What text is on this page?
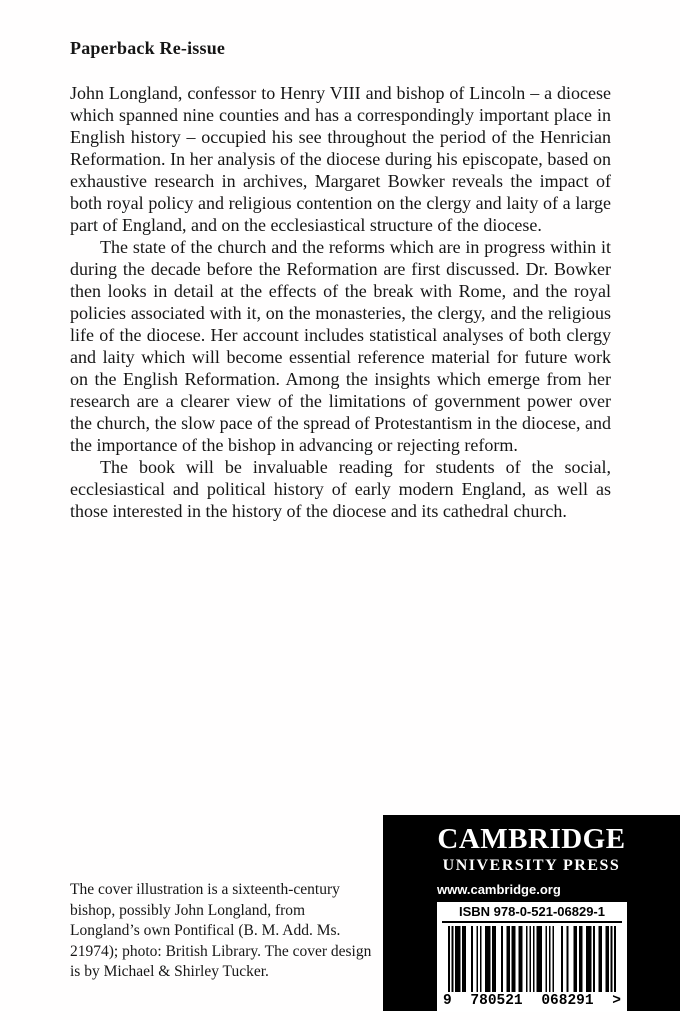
Paperback Re-issue

John Longland, confessor to Henry VIII and bishop of Lincoln – a diocese which spanned nine counties and has a correspondingly important place in English history – occupied his see throughout the period of the Henrician Reformation. In her analysis of the diocese during his episcopate, based on exhaustive research in archives, Margaret Bowker reveals the impact of both royal policy and religious contention on the clergy and laity of a large part of England, and on the ecclesiastical structure of the diocese.

The state of the church and the reforms which are in progress within it during the decade before the Reformation are first discussed. Dr. Bowker then looks in detail at the effects of the break with Rome, and the royal policies associated with it, on the monasteries, the clergy, and the religious life of the diocese. Her account includes statistical analyses of both clergy and laity which will become essential reference material for future work on the English Reformation. Among the insights which emerge from her research are a clearer view of the limitations of government power over the church, the slow pace of the spread of Protestantism in the diocese, and the importance of the bishop in advancing or rejecting reform.

The book will be invaluable reading for students of the social, ecclesiastical and political history of early modern England, as well as those interested in the history of the diocese and its cathedral church.

The cover illustration is a sixteenth-century bishop, possibly John Longland, from Longland’s own Pontifical (B. M. Add. Ms. 21974); photo: British Library. The cover design is by Michael & Shirley Tucker.
CAMBRIDGE
UNIVERSITY PRESS
www.cambridge.org
ISBN 978-0-521-06829-1
9 780521 068291 >
